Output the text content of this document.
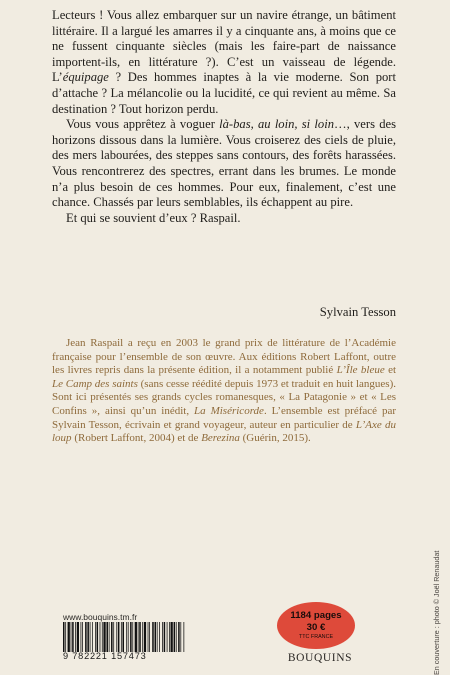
Lecteurs ! Vous allez embarquer sur un navire étrange, un bâtiment littéraire. Il a largué les amarres il y a cinquante ans, à moins que ce ne fussent cinquante siècles (mais les faire-part de naissance importent-ils, en littérature ?). C’est un vaisseau de légende. L’équipage ? Des hommes inaptes à la vie moderne. Son port d’attache ? La mélancolie ou la lucidité, ce qui revient au même. Sa destination ? Tout horizon perdu.

Vous vous apprêtez à voguer là-bas, au loin, si loin…, vers des horizons dissous dans la lumière. Vous croiserez des ciels de pluie, des mers labourées, des steppes sans contours, des forêts harassées. Vous rencontrerez des spectres, errant dans les brumes. Le monde n’a plus besoin de ces hommes. Pour eux, finalement, c’est une chance. Chassés par leurs semblables, ils échappent au pire.

Et qui se souvient d’eux ? Raspail.

Sylvain Tesson

Jean Raspail a reçu en 2003 le grand prix de littérature de l’Académie française pour l’ensemble de son œuvre. Aux éditions Robert Laffont, outre les livres repris dans la présente édition, il a notamment publié L’Île bleue et Le Camp des saints (sans cesse réédité depuis 1973 et traduit en huit langues). Sont ici présentés ses grands cycles romanesques, « La Patagonie » et « Les Confins », ainsi qu’un inédit, La Miséricorde. L’ensemble est préfacé par Sylvain Tesson, écrivain et grand voyageur, auteur en particulier de L’Axe du loup (Robert Laffont, 2004) et de Berezina (Guérin, 2015).

En couverture : photo © Joël Renaudat
www.bouquins.tm.fr
9 782221 157473
1184 pages
30 €
TTC FRANCE
BOUQUINS
